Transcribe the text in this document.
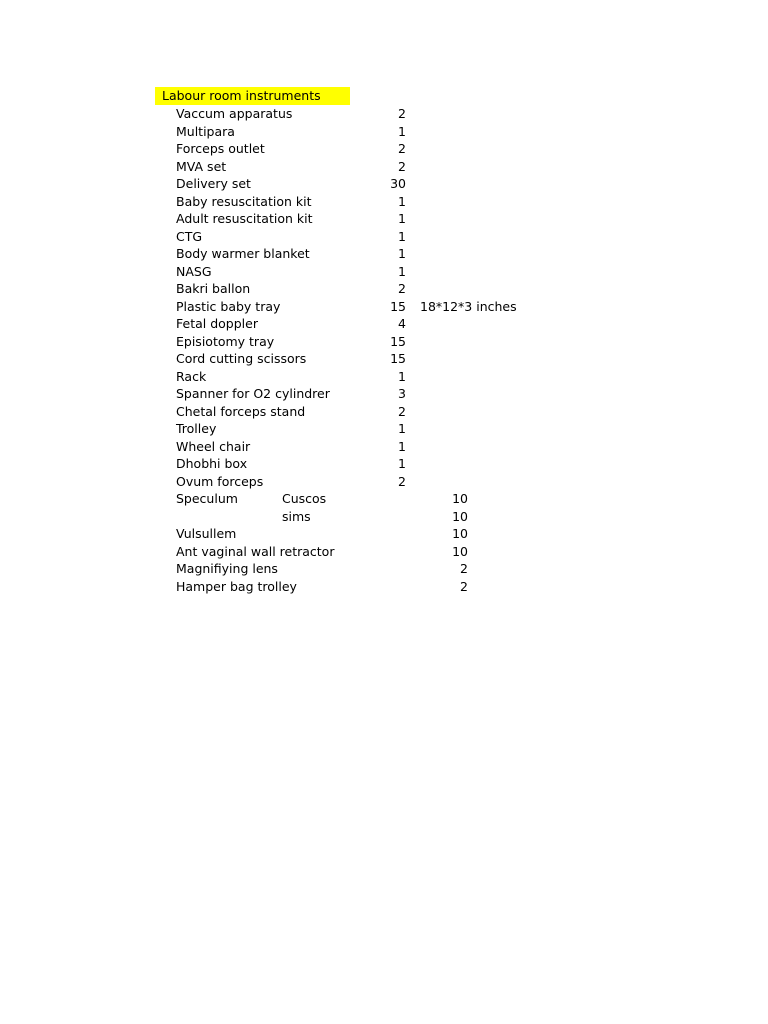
Labour room instruments
Vaccum apparatus	2
Multipara	1
Forceps outlet	2
MVA set	2
Delivery set	30
Baby resuscitation kit	1
Adult resuscitation kit	1
CTG	1
Body warmer blanket	1
NASG	1
Bakri ballon	2
Plastic baby tray	15 18*12*3 inches
Fetal doppler	4
Episiotomy tray	15
Cord cutting scissors	15
Rack	1
Spanner for O2 cylindrer	3
Chetal forceps stand	2
Trolley	1
Wheel chair	1
Dhobhi box	1
Ovum forceps	2
Speculum	Cuscos	10
sims	10
Vulsullem	10
Ant vaginal wall retractor	10
Magnifiying lens	2
Hamper bag trolley	2
